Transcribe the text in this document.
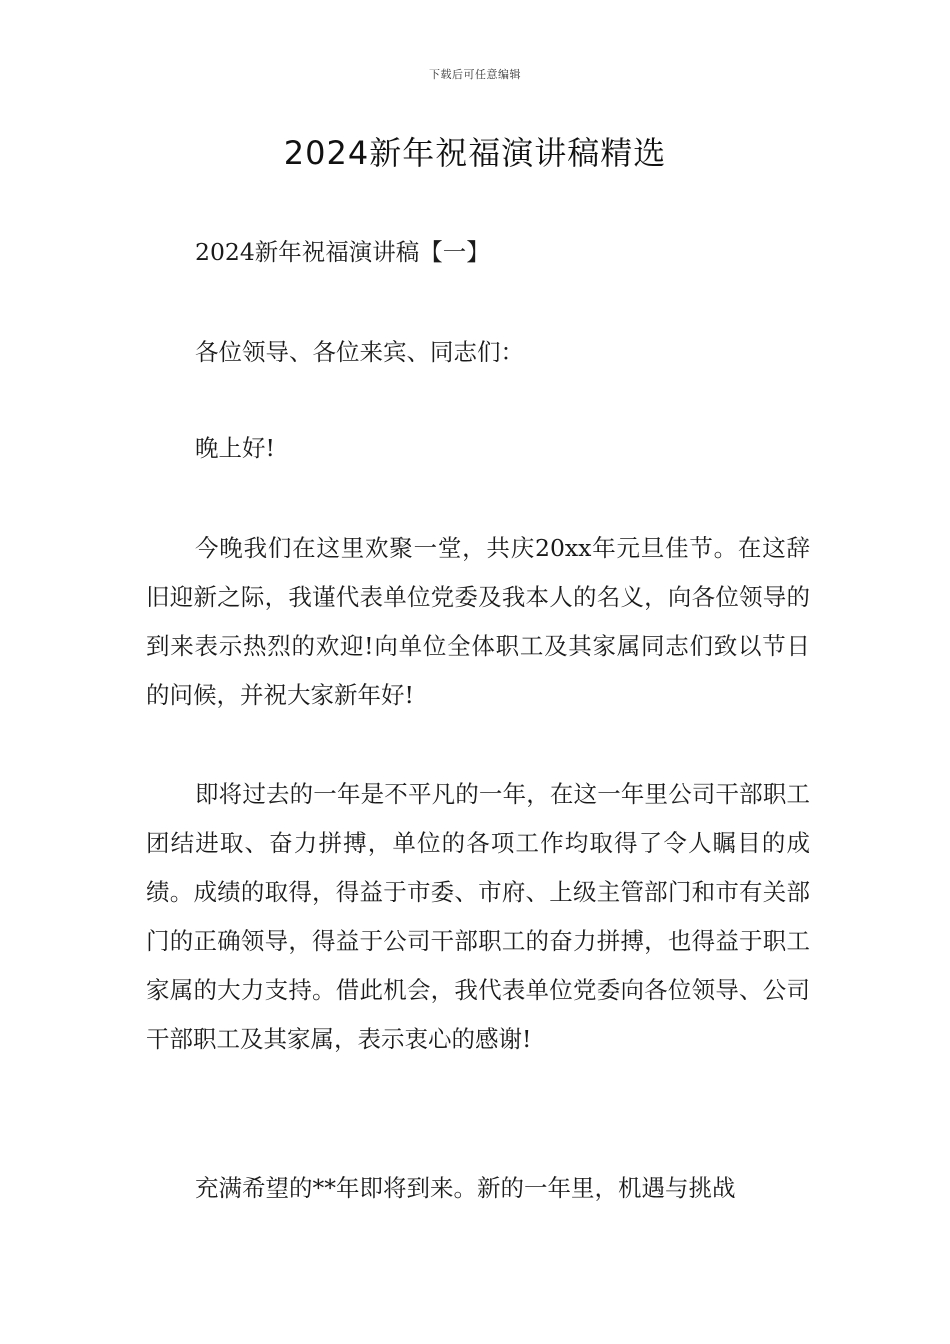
下载后可任意编辑
2024新年祝福演讲稿精选

2024新年祝福演讲稿【一】

各位领导、各位来宾、同志们：

晚上好!

今晚我们在这里欢聚一堂，共庆20xx年元旦佳节。在这辞旧迎新之际，我谨代表单位党委及我本人的名义，向各位领导的到来表示热烈的欢迎!向单位全体职工及其家属同志们致以节日的问候，并祝大家新年好!

即将过去的一年是不平凡的一年，在这一年里公司干部职工团结进取、奋力拼搏，单位的各项工作均取得了令人瞩目的成绩。成绩的取得，得益于市委、市府、上级主管部门和市有关部门的正确领导，得益于公司干部职工的奋力拼搏，也得益于职工家属的大力支持。借此机会，我代表单位党委向各位领导、公司干部职工及其家属，表示衷心的感谢!

充满希望的**年即将到来。新的一年里，机遇与挑战
